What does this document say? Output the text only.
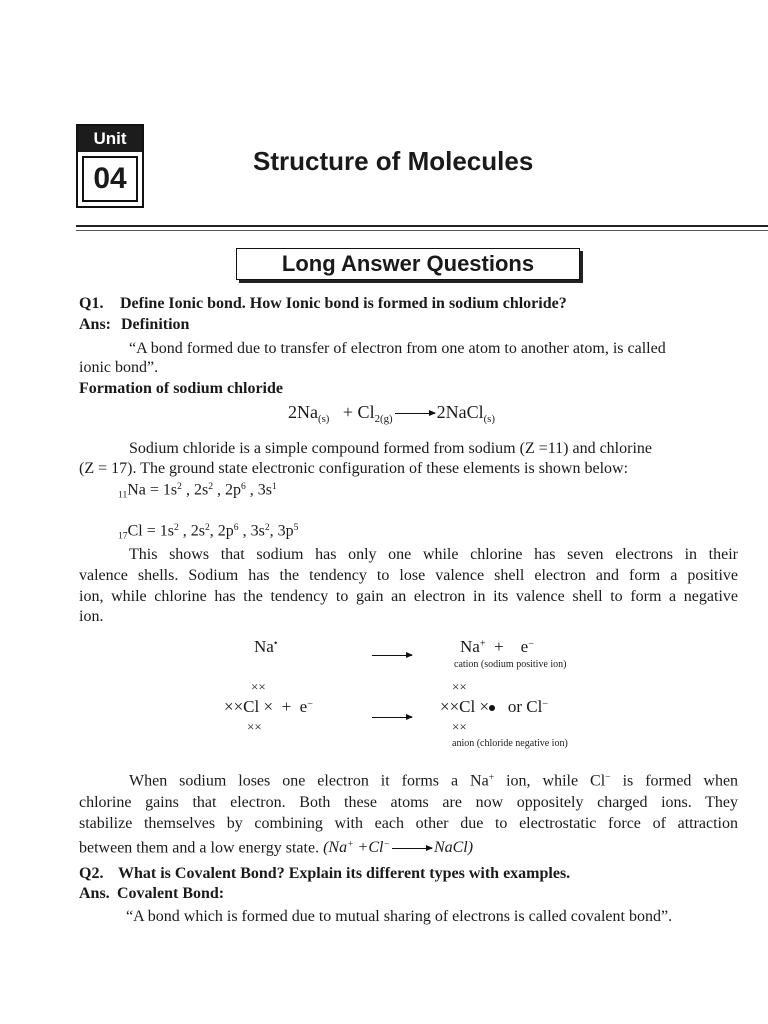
Unit
04
Structure of Molecules
Long Answer Questions
Q1. Define Ionic bond. How Ionic bond is formed in sodium chloride?
Ans: Definition
“A bond formed due to transfer of electron from one atom to another atom, is called
ionic bond”.
Formation of sodium chloride
$2Na_{(s)} + Cl_{2(g)}$ 2NaCl$_{(s)}$
Sodium chloride is a simple compound formed from sodium (Z =11) and chlorine
(Z = 17). The ground state electronic configuration of these elements is shown below:
$_{11}Na = 1s^2$ , $2s^2$ , $2p^6$ , $3s^1$
$_{17}Cl = 1s^2$ , $2s^2$, $2p^6$ , $3s^2$, $3p^5$
This shows that sodium has only one while chlorine has seven electrons in their
valence shells. Sodium has the tendency to lose valence shell electron and form a positive
ion, while chlorine has the tendency to gain an electron in its valence shell to form a negative
ion.
Na•	Na+  +    e−
cation (sodium positive ion)
××
××Cl ×  +  e−
××
××
××Cl ×   or Cl−
××
anion (chloride negative ion)
When sodium loses one electron it forms a Na+ ion, while Cl− is formed when
chlorine gains that electron. Both these atoms are now oppositely charged ions. They
stabilize themselves by combining with each other due to electrostatic force of attraction
between them and a low energy state. (Na+ +Cl−	NaCl)
Q2. What is Covalent Bond? Explain its different types with examples.
Ans. Covalent Bond:
“A bond which is formed due to mutual sharing of electrons is called covalent bond”.
